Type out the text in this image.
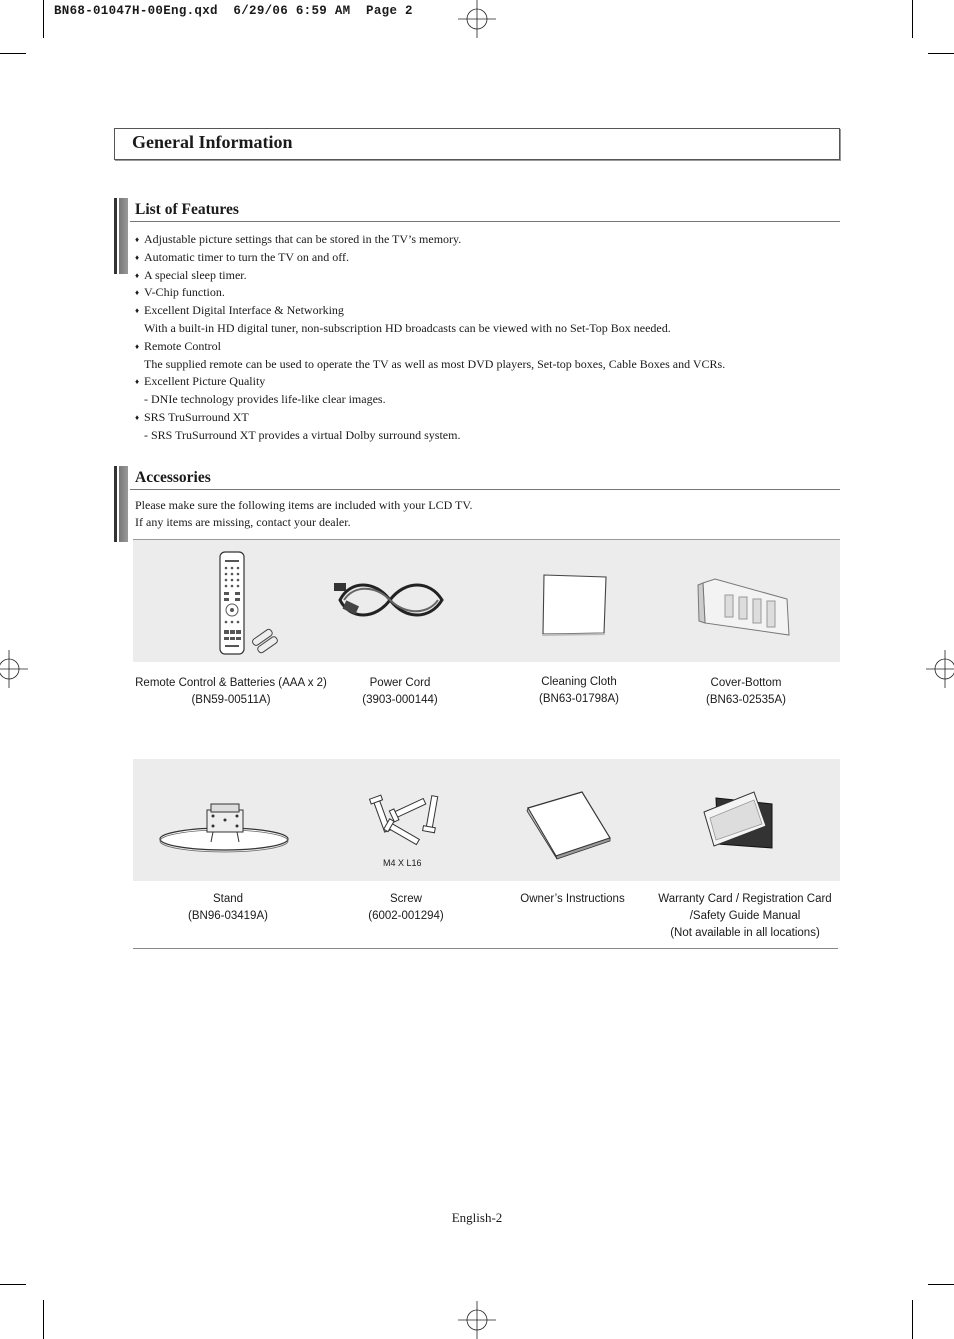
BN68-01047H-00Eng.qxd  6/29/06 6:59 AM  Page 2
General Information
List of Features
♦ Adjustable picture settings that can be stored in the TV’s memory.
♦ Automatic timer to turn the TV on and off.
♦ A special sleep timer.
♦ V-Chip function.
♦ Excellent Digital Interface & Networking
With a built-in HD digital tuner, non-subscription HD broadcasts can be viewed with no Set-Top Box needed.
♦ Remote Control
The supplied remote can be used to operate the TV as well as most DVD players, Set-top boxes, Cable Boxes and VCRs.
♦ Excellent Picture Quality
- DNIe technology provides life-like clear images.
♦ SRS TruSurround XT
- SRS TruSurround XT provides a virtual Dolby surround system.
Accessories
Please make sure the following items are included with your LCD TV.
If any items are missing, contact your dealer.
Remote Control & Batteries (AAA x 2)
(BN59-00511A)
Power Cord
(3903-000144)
Cleaning Cloth
(BN63-01798A)
Cover-Bottom
(BN63-02535A)
M4 X L16
Stand
(BN96-03419A)
Screw
(6002-001294)
Owner’s Instructions	Warranty Card / Registration Card
/Safety Guide Manual
(Not available in all locations)
English-2
